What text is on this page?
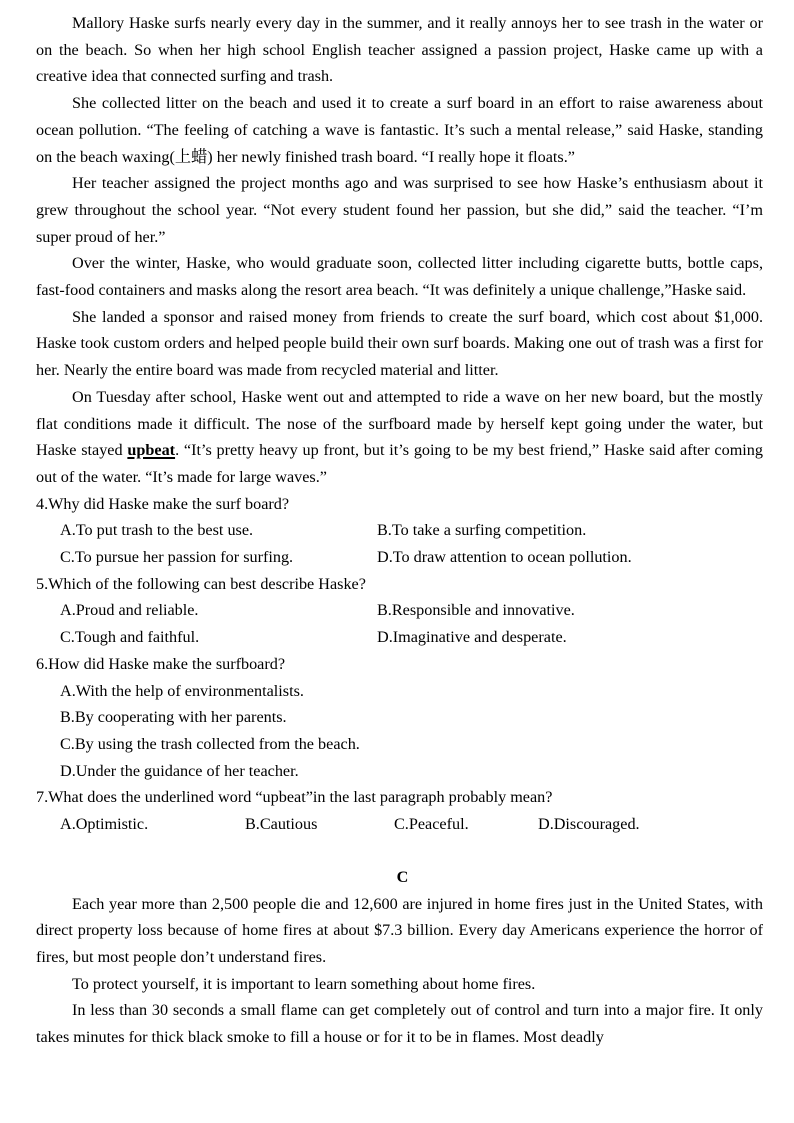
Mallory Haske surfs nearly every day in the summer, and it really annoys her to see trash in the water or on the beach. So when her high school English teacher assigned a passion project, Haske came up with a creative idea that connected surfing and trash.

She collected litter on the beach and used it to create a surf board in an effort to raise awareness about ocean pollution. “The feeling of catching a wave is fantastic. It’s such a mental release,” said Haske, standing on the beach waxing(上蜡) her newly finished trash board. “I really hope it floats.”

Her teacher assigned the project months ago and was surprised to see how Haske’s enthusiasm about it grew throughout the school year. “Not every student found her passion, but she did,” said the teacher. “I’m super proud of her.”

Over the winter, Haske, who would graduate soon, collected litter including cigarette butts, bottle caps, fast-food containers and masks along the resort area beach. “It was definitely a unique challenge,”Haske said.

She landed a sponsor and raised money from friends to create the surf board, which cost about $1,000. Haske took custom orders and helped people build their own surf boards. Making one out of trash was a first for her. Nearly the entire board was made from recycled material and litter.

On Tuesday after school, Haske went out and attempted to ride a wave on her new board, but the mostly flat conditions made it difficult. The nose of the surfboard made by herself kept going under the water, but Haske stayed upbeat. “It’s pretty heavy up front, but it’s going to be my best friend,” Haske said after coming out of the water. “It’s made for large waves.”

4.Why did Haske make the surf board?

A.To put trash to the best use.	B.To take a surfing competition.
C.To pursue her passion for surfing.	D.To draw attention to ocean pollution.

5.Which of the following can best describe Haske?

A.Proud and reliable.	B.Responsible and innovative.
C.Tough and faithful.	D.Imaginative and desperate.

6.How did Haske make the surfboard?

A.With the help of environmentalists.
B.By cooperating with her parents.
C.By using the trash collected from the beach.
D.Under the guidance of her teacher.

7.What does the underlined word “upbeat”in the last paragraph probably mean?

A.Optimistic.	B.Cautious	C.Peaceful.	D.Discouraged.
C

Each year more than 2,500 people die and 12,600 are injured in home fires just in the United States, with direct property loss because of home fires at about $7.3 billion. Every day Americans experience the horror of fires, but most people don’t understand fires.

To protect yourself, it is important to learn something about home fires.

In less than 30 seconds a small flame can get completely out of control and turn into a major fire. It only takes minutes for thick black smoke to fill a house or for it to be in flames. Most deadly
